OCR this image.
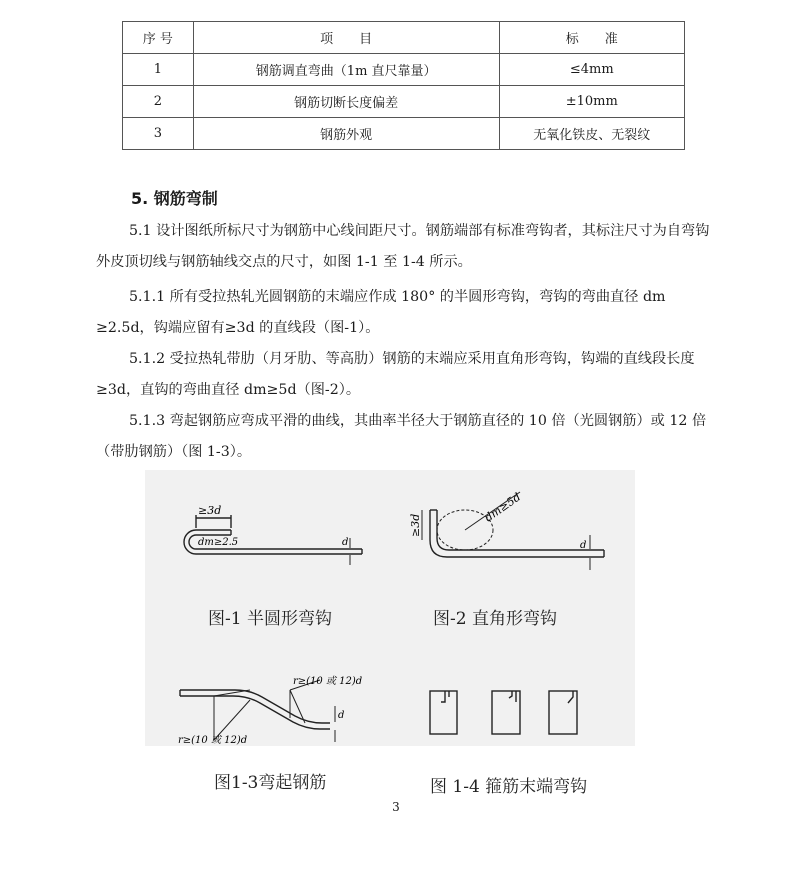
序 号	项　　目	标　　准
1	钢筋调直弯曲（1m 直尺靠量）	≤4mm
2	钢筋切断长度偏差	±10mm
3	钢筋外观	无氧化铁皮、无裂纹
5. 钢筋弯制

5.1 设计图纸所标尺寸为钢筋中心线间距尺寸。钢筋端部有标准弯钩者，其标注尺寸为自弯钩外皮顶切线与钢筋轴线交点的尺寸，如图 1-1 至 1-4 所示。

5.1.1 所有受拉热轧光圆钢筋的末端应作成 180° 的半圆形弯钩，弯钩的弯曲直径 dm ≥2.5d，钩端应留有≥3d 的直线段（图-1）。

5.1.2 受拉热轧带肋（月牙肋、等高肋）钢筋的末端应采用直角形弯钩，钩端的直线段长度≥3d，直钩的弯曲直径 dm≥5d（图-2）。

5.1.3 弯起钢筋应弯成平滑的曲线，其曲率半径大于钢筋直径的 10 倍（光圆钢筋）或 12 倍（带肋钢筋）（图 1-3）。

≥3d
dm≥2.5	d
≥3d
dm≥5d
d
r≥(10 或 12)d
r≥(10 或 12)d
d
图-1 半圆形弯钩	图-2 直角形弯钩
图1-3弯起钢筋	图 1-4 箍筋末端弯钩
3
